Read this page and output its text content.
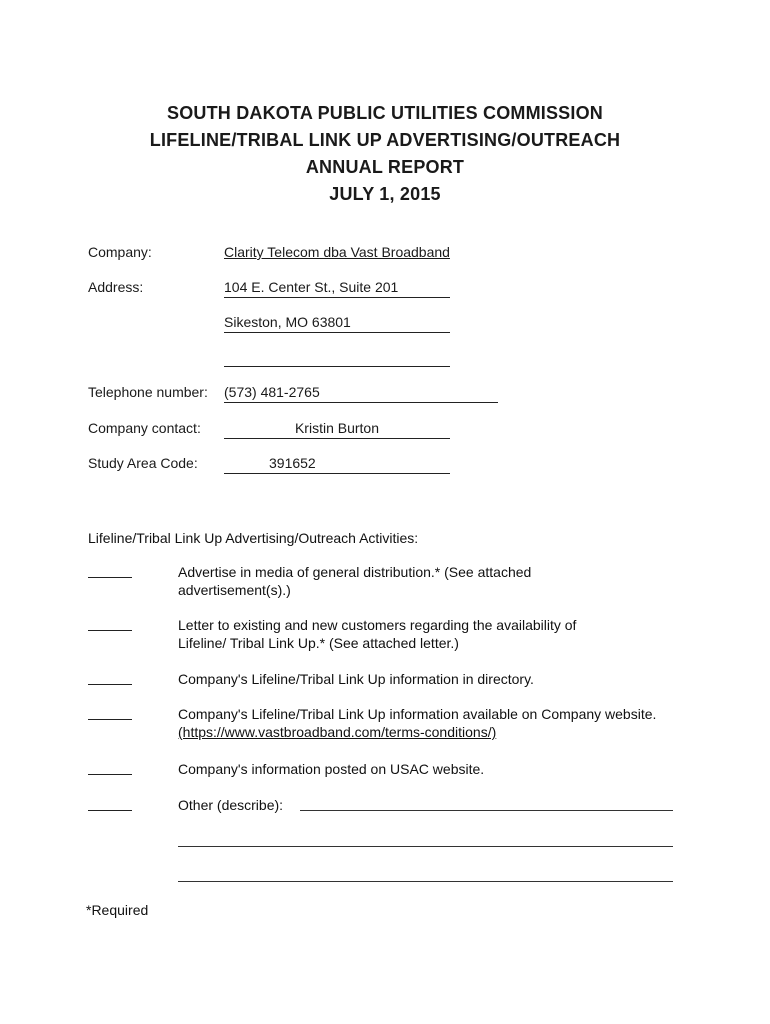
SOUTH DAKOTA PUBLIC UTILITIES COMMISSION
LIFELINE/TRIBAL LINK UP ADVERTISING/OUTREACH
ANNUAL REPORT
JULY 1, 2015
Company:	Clarity Telecom dba Vast Broadband
Address:	104 E. Center St., Suite 201
Sikeston, MO 63801
Telephone number: (573) 481-2765
Company contact:	Kristin Burton
Study Area Code:	391652
Lifeline/Tribal Link Up Advertising/Outreach Activities:
Advertise in media of general distribution.* (See attached
advertisement(s).)
Letter to existing and new customers regarding the availability of
Lifeline/ Tribal Link Up.* (See attached letter.)
Company's Lifeline/Tribal Link Up information in directory.
Company's Lifeline/Tribal Link Up information available on Company website.
(https://www.vastbroadband.com/terms-conditions/)
Company's information posted on USAC website.
Other (describe):
*Required
